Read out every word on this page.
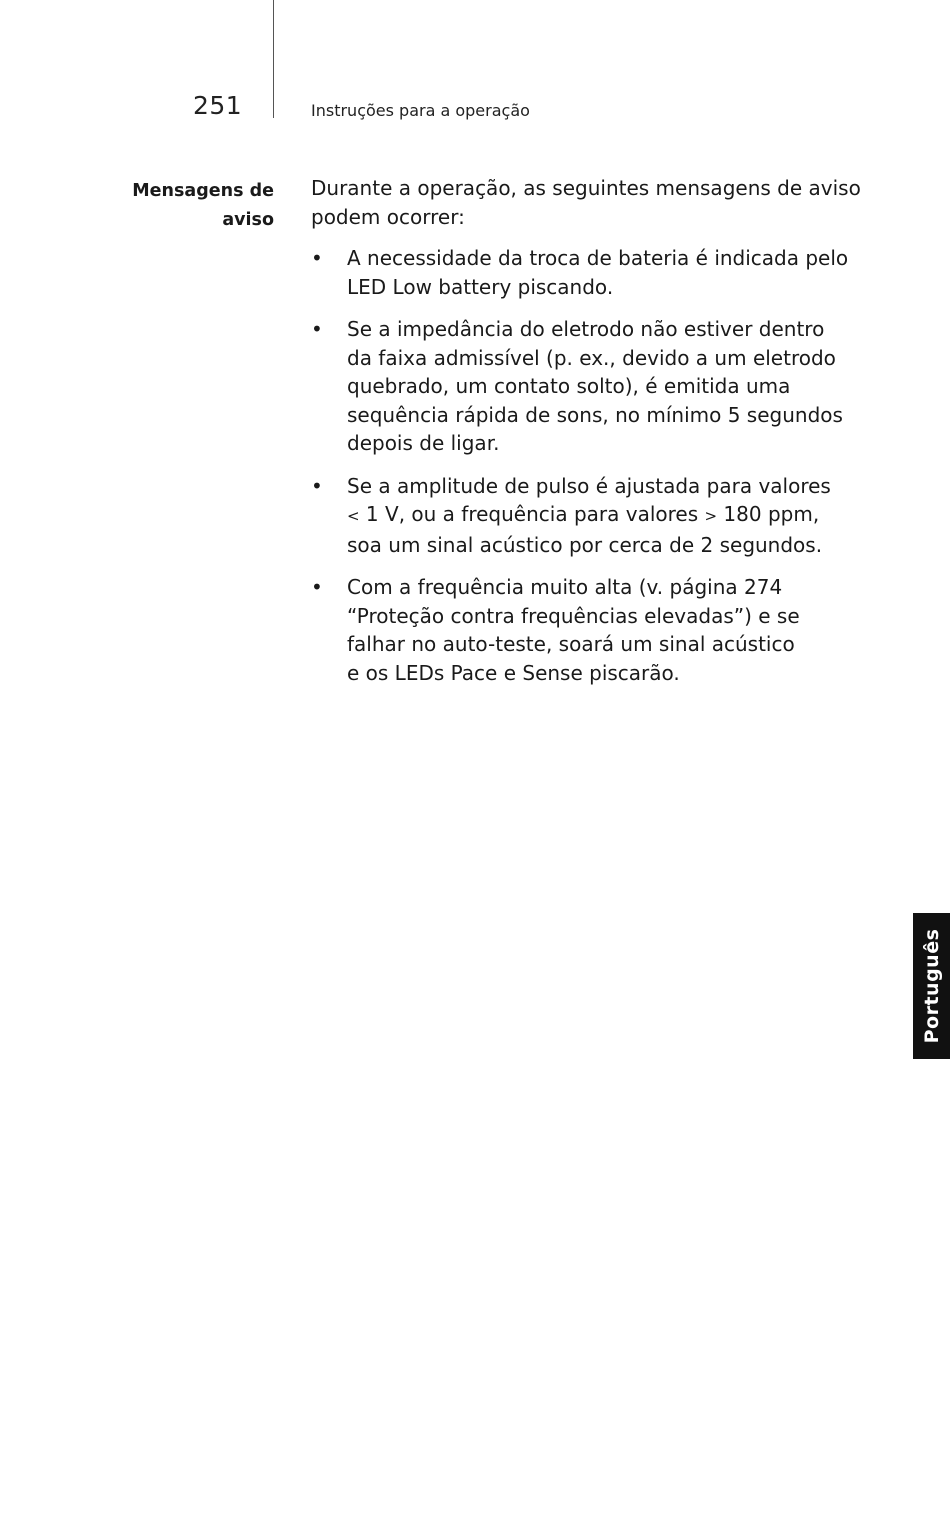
251	Instruções para a operação
Mensagens de
aviso
Durante a operação, as seguintes mensagens de aviso
podem ocorrer:
• A necessidade da troca de bateria é indicada pelo
LED Low battery piscando.
• Se a impedância do eletrodo não estiver dentro
da faixa admissível (p. ex., devido a um eletrodo
quebrado, um contato solto), é emitida uma
sequência rápida de sons, no mínimo 5 segundos
depois de ligar.
• Se a amplitude de pulso é ajustada para valores
< 1 V, ou a frequência para valores > 180 ppm,
soa um sinal acústico por cerca de 2 segundos.
• Com a frequência muito alta (v. página 274
“Proteção contra frequências elevadas”) e se
falhar no auto-teste, soará um sinal acústico
e os LEDs Pace e Sense piscarão.
Português
